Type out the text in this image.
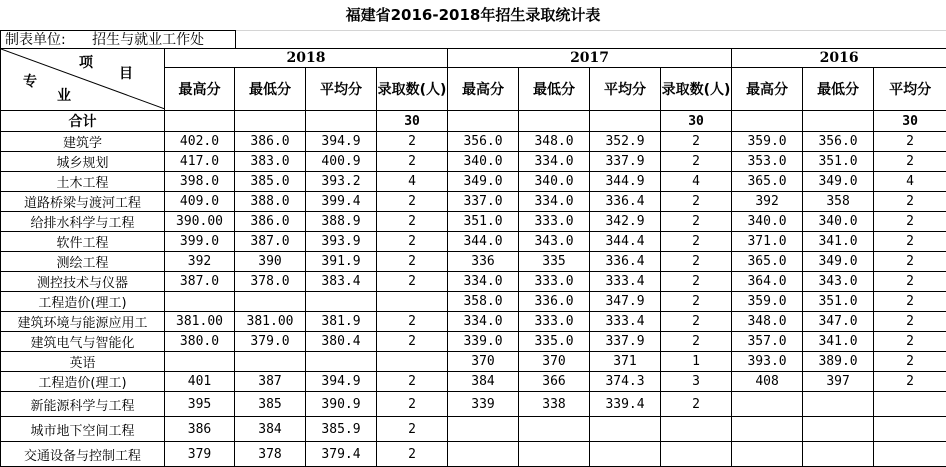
福建省2016-2018年招生录取统计表
制表单位: 招生与就业工作处
项
目
专
业	2018				2017				2016		
	最高分	最低分	平均分	录取数(人)	最高分	最低分	平均分	录取数(人)	最高分	最低分	平均分
合计				30				30			30
建筑学	402.0	386.0	394.9	2	356.0	348.0	352.9	2	359.0	356.0	2
城乡规划	417.0	383.0	400.9	2	340.0	334.0	337.9	2	353.0	351.0	2
土木工程	398.0	385.0	393.2	4	349.0	340.0	344.9	4	365.0	349.0	4
道路桥梁与渡河工程	409.0	388.0	399.4	2	337.0	334.0	336.4	2	392	358	2
给排水科学与工程	390.00	386.0	388.9	2	351.0	333.0	342.9	2	340.0	340.0	2
软件工程	399.0	387.0	393.9	2	344.0	343.0	344.4	2	371.0	341.0	2
测绘工程	392	390	391.9	2	336	335	336.4	2	365.0	349.0	2
测控技术与仪器	387.0	378.0	383.4	2	334.0	333.0	333.4	2	364.0	343.0	2
工程造价(理工)					358.0	336.0	347.9	2	359.0	351.0	2
建筑环境与能源应用工	381.00	381.00	381.9	2	334.0	333.0	333.4	2	348.0	347.0	2
建筑电气与智能化	380.0	379.0	380.4	2	339.0	335.0	337.9	2	357.0	341.0	2
英语					370	370	371	1	393.0	389.0	2
工程造价(理工)	401	387	394.9	2	384	366	374.3	3	408	397	2
新能源科学与工程	395	385	390.9	2	339	338	339.4	2			
城市地下空间工程	386	384	385.9	2							
交通设备与控制工程	379	378	379.4	2							
